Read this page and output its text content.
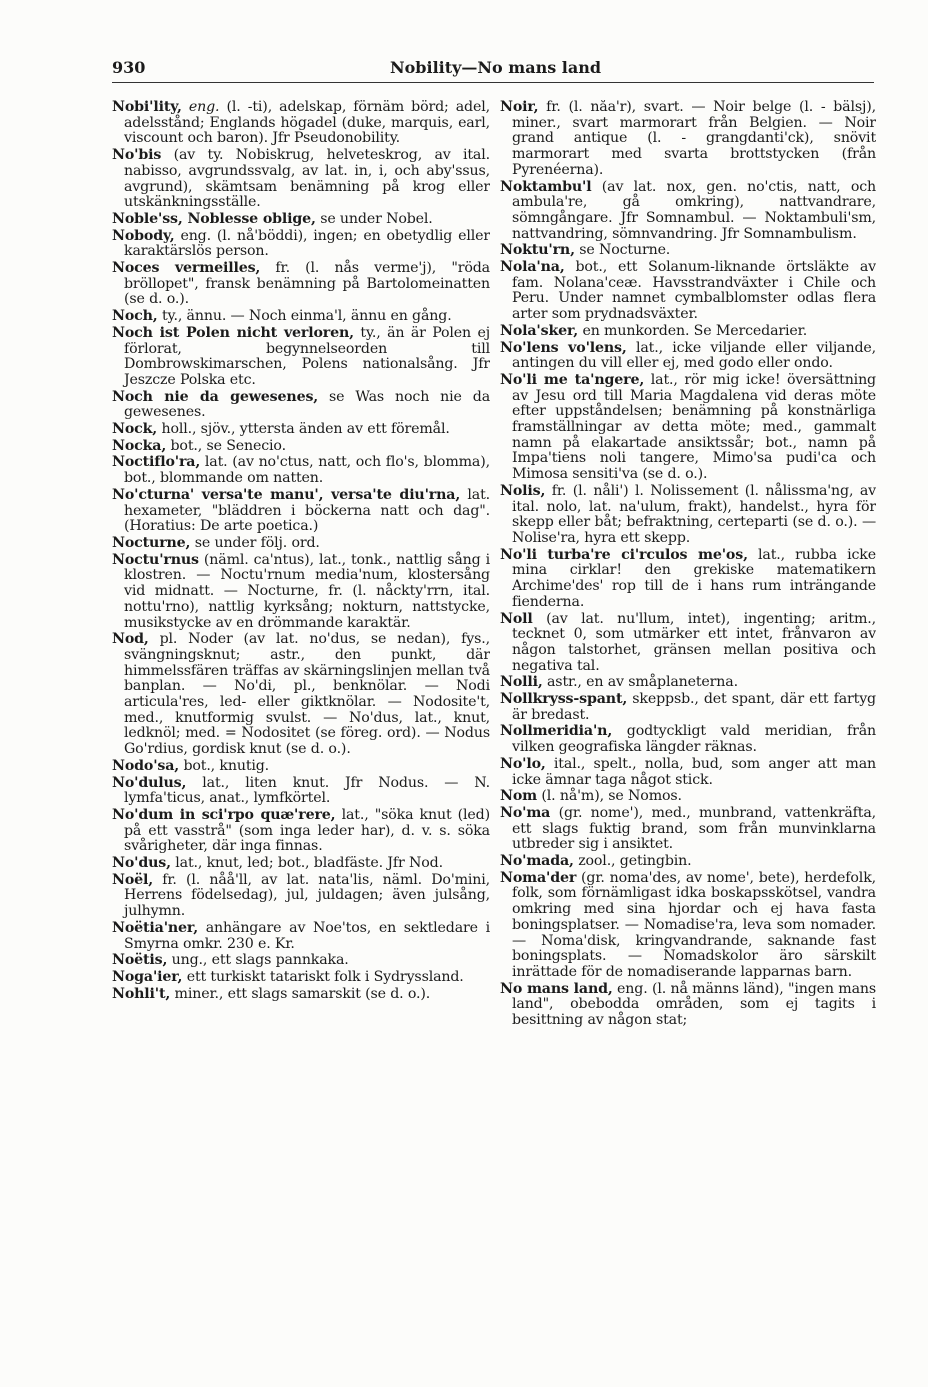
930	Nobility—No mans land

Nobi'lity, eng. (l. -ti), adelskap, förnäm börd; adel, adelsstånd; Englands högadel (duke, marquis, earl, viscount och baron). Jfr Pseudonobility.

No'bis (av ty. Nobiskrug, helveteskrog, av ital. nabisso, avgrundssvalg, av lat. in, i, och aby'ssus, avgrund), skämtsam benämning på krog eller utskänkningsställe.

Noble'ss, Noblesse oblige, se under Nobel.

Nobody, eng. (l. nå'böddi), ingen; en obetydlig eller karaktärslös person.

Noces vermeilles, fr. (l. nås verme'j), "röda bröllopet", fransk benämning på Bartolomeinatten (se d. o.).

Noch, ty., ännu. — Noch einma'l, ännu en gång.

Noch ist Polen nicht verloren, ty., än är Polen ej förlorat, begynnelseorden till Dombrowskimarschen, Polens nationalsång. Jfr Jeszcze Polska etc.

Noch nie da gewesenes, se Was noch nie da gewesenes.

Nock, holl., sjöv., yttersta änden av ett föremål.

Nocka, bot., se Senecio.

Noctiflo'ra, lat. (av no'ctus, natt, och flo's, blomma), bot., blommande om natten.

No'cturna' versa'te manu', versa'te diu'rna, lat. hexameter, "bläddren i böckerna natt och dag". (Horatius: De arte poetica.)

Nocturne, se under följ. ord.

Noctu'rnus (näml. ca'ntus), lat., tonk., nattlig sång i klostren. — Noctu'rnum media'num, klostersång vid midnatt. — Nocturne, fr. (l. nåckty'rrn, ital. nottu'rno), nattlig kyrksång; nokturn, nattstycke, musikstycke av en drömmande karaktär.

Nod, pl. Noder (av lat. no'dus, se nedan), fys., svängningsknut; astr., den punkt, där himmelssfären träffas av skärningslinjen mellan två banplan. — No'di, pl., benknölar. — Nodi articula'res, led- eller giktknölar. — Nodosite't, med., knutformig svulst. — No'dus, lat., knut, ledknöl; med. = Nodositet (se föreg. ord). — Nodus Go'rdius, gordisk knut (se d. o.).

Nodo'sa, bot., knutig.

No'dulus, lat., liten knut. Jfr Nodus. — N. lymfa'ticus, anat., lymfkörtel.

No'dum in sci'rpo quæ'rere, lat., "söka knut (led) på ett vasstrå" (som inga leder har), d. v. s. söka svårigheter, där inga finnas.

No'dus, lat., knut, led; bot., bladfäste. Jfr Nod.

Noël, fr. (l. nåå'll, av lat. nata'lis, näml. Do'mini, Herrens födelsedag), jul, juldagen; även julsång, julhymn.

Noëtia'ner, anhängare av Noe'tos, en sektledare i Smyrna omkr. 230 e. Kr.

Noëtis, ung., ett slags pannkaka.

Noga'ier, ett turkiskt tatariskt folk i Sydryssland.

Nohli't, miner., ett slags samarskit (se d. o.).

Noir, fr. (l. nåa'r), svart. — Noir belge (l. - bälsj), miner., svart marmorart från Belgien. — Noir grand antique (l. - grangdanti'ck), snövit marmorart med svarta brottstycken (från Pyrenéerna).

Noktambu'l (av lat. nox, gen. no'ctis, natt, och ambula're, gå omkring), nattvandrare, sömngångare. Jfr Somnambul. — Noktambuli'sm, nattvandring, sömnvandring. Jfr Somnambulism.

Noktu'rn, se Nocturne.

Nola'na, bot., ett Solanum-liknande örtsläkte av fam. Nolana'ceæ. Havsstrandväxter i Chile och Peru. Under namnet cymbalblomster odlas flera arter som prydnadsväxter.

Nola'sker, en munkorden. Se Mercedarier.

No'lens vo'lens, lat., icke viljande eller viljande, antingen du vill eller ej, med godo eller ondo.

No'li me ta'ngere, lat., rör mig icke! översättning av Jesu ord till Maria Magdalena vid deras möte efter uppståndelsen; benämning på konstnärliga framställningar av detta möte; med., gammalt namn på elakartade ansiktssår; bot., namn på Impa'tiens noli tangere, Mimo'sa pudi'ca och Mimosa sensiti'va (se d. o.).

Nolis, fr. (l. nåli') l. Nolissement (l. nålissma'ng, av ital. nolo, lat. na'ulum, frakt), handelst., hyra för skepp eller båt; befraktning, certeparti (se d. o.). — Nolise'ra, hyra ett skepp.

No'li turba're ci'rculos me'os, lat., rubba icke mina cirklar! den grekiske matematikern Archime'des' rop till de i hans rum inträngande fienderna.

Noll (av lat. nu'llum, intet), ingenting; aritm., tecknet 0, som utmärker ett intet, frånvaron av någon talstorhet, gränsen mellan positiva och negativa tal.

Nolli, astr., en av småplaneterna.

Nollkryss-spant, skeppsb., det spant, där ett fartyg är bredast.

Nollmeridia'n, godtyckligt vald meridian, från vilken geografiska längder räknas.

No'lo, ital., spelt., nolla, bud, som anger att man icke ämnar taga något stick.

Nom (l. nå'm), se Nomos.

No'ma (gr. nome'), med., munbrand, vattenkräfta, ett slags fuktig brand, som från munvinklarna utbreder sig i ansiktet.

No'mada, zool., getingbin.

Noma'der (gr. noma'des, av nome', bete), herdefolk, folk, som förnämligast idka boskapsskötsel, vandra omkring med sina hjordar och ej hava fasta boningsplatser. — Nomadise'ra, leva som nomader. — Noma'disk, kringvandrande, saknande fast boningsplats. — Nomadskolor äro särskilt inrättade för de nomadiserande lapparnas barn.

No mans land, eng. (l. nå männs länd), "ingen mans land", obebodda områden, som ej tagits i besittning av någon stat;
